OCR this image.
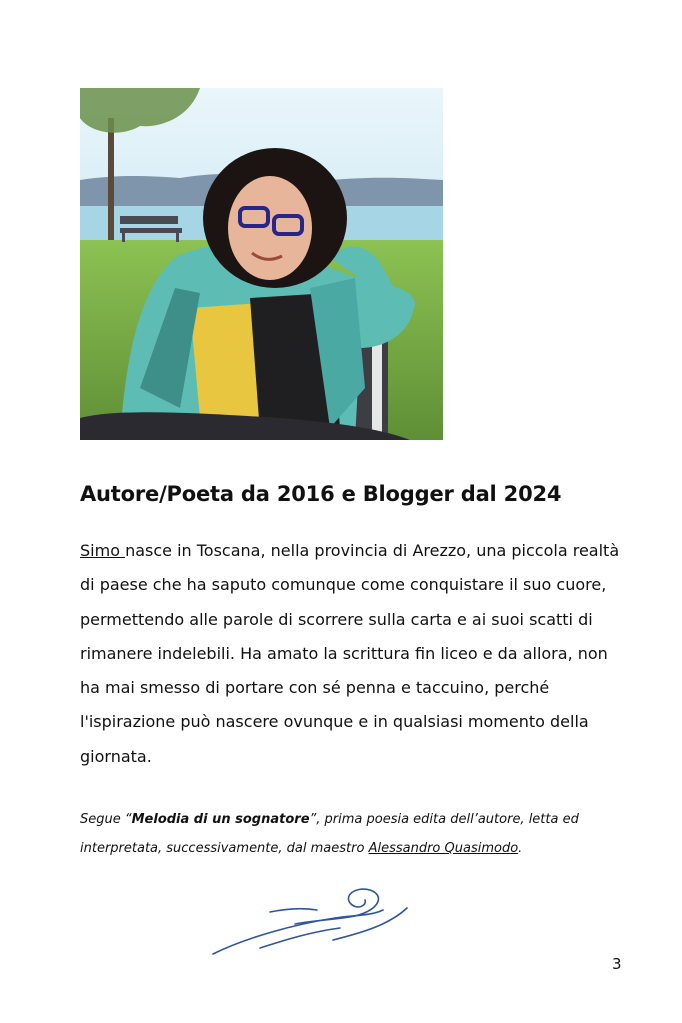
Autore/Poeta da 2016 e Blogger dal 2024

Simo nasce in Toscana, nella provincia di Arezzo, una piccola realtà di paese che ha saputo comunque come conquistare il suo cuore, permettendo alle parole di scorrere sulla carta e ai suoi scatti di rimanere indelebili. Ha amato la scrittura fin liceo e da allora, non ha mai smesso di portare con sé penna e taccuino, perché l'ispirazione può nascere ovunque e in qualsiasi momento della giornata.

Segue “Melodia di un sognatore”, prima poesia edita dell’autore, letta ed interpretata, successivamente, dal maestro Alessandro Quasimodo.

3
